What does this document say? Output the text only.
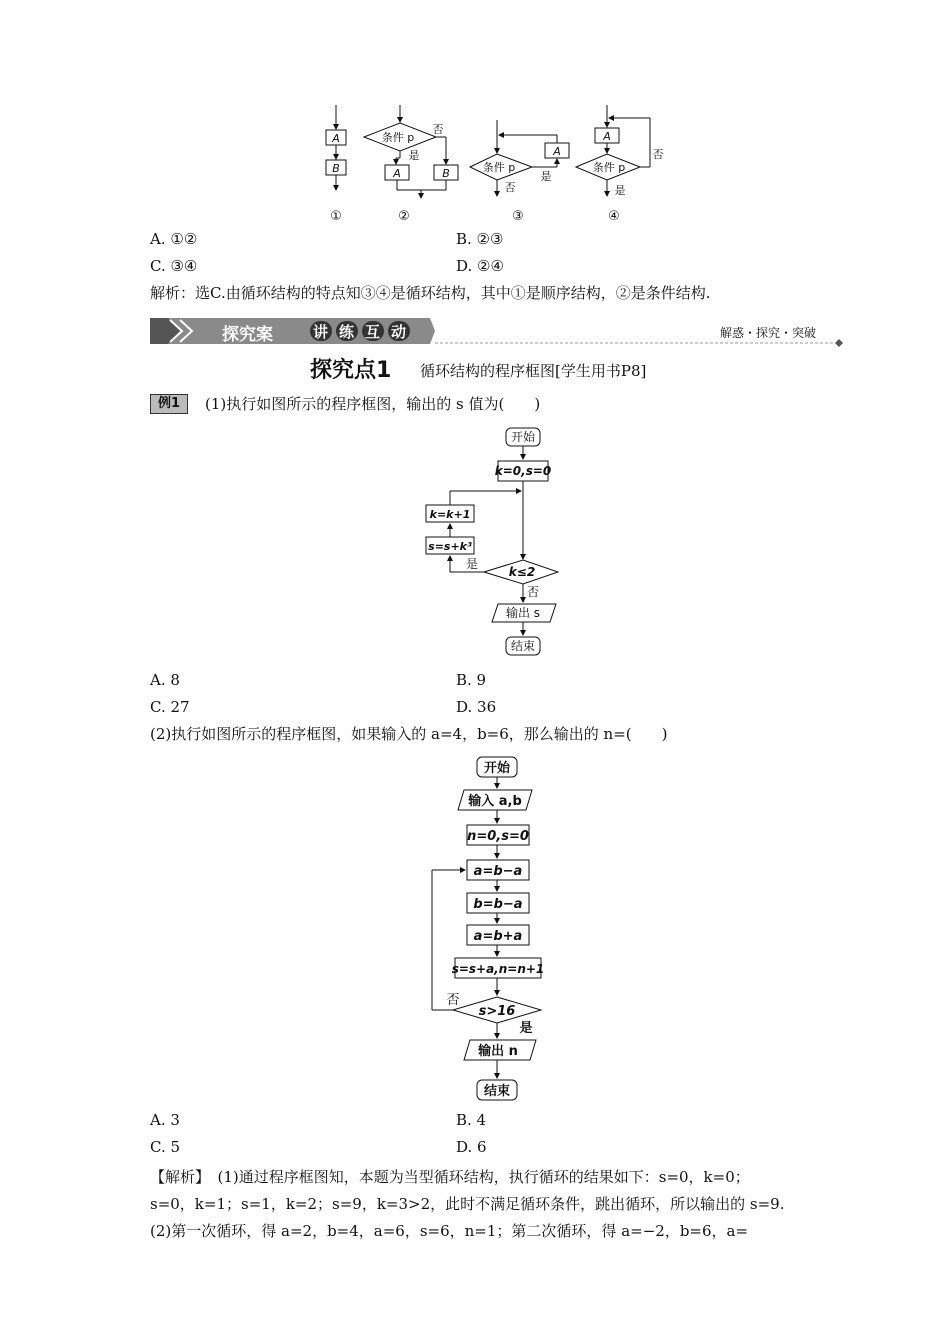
A
B
条件 p
否
是
A	B	条件 p
A
是
否
A
条件 p
否
是
①	②	③	④
A. ①②	B. ②③
C. ③④	D. ②④
解析：选C.由循环结构的特点知③④是循环结构，其中①是顺序结构，②是条件结构.
探究案	讲练互动	解惑・探究・突破
探究点1 循环结构的程序框图[学生用书P8]
例1	(1)执行如图所示的程序框图，输出的 s 值为(　　)
开始
k=0,s=0
k=k+1
s=s+k³
k≤2
是
否
输出 s
结束
A. 8	B. 9
C. 27	D. 36
(2)执行如图所示的程序框图，如果输入的 a=4，b=6，那么输出的 n=(　　)
开始
输入 a,b
n=0,s=0
a=b−a
b=b−a
a=b+a
s=s+a,n=n+1
s>16
否
是
输出 n
结束
A. 3	B. 4
C. 5	D. 6
【解析】　(1)通过程序框图知，本题为当型循环结构，执行循环的结果如下：s=0，k=0；
s=0，k=1；s=1，k=2；s=9，k=3>2，此时不满足循环条件，跳出循环，所以输出的 s=9.
(2)第一次循环，得 a=2，b=4，a=6，s=6，n=1；第二次循环，得 a=−2，b=6，a=
